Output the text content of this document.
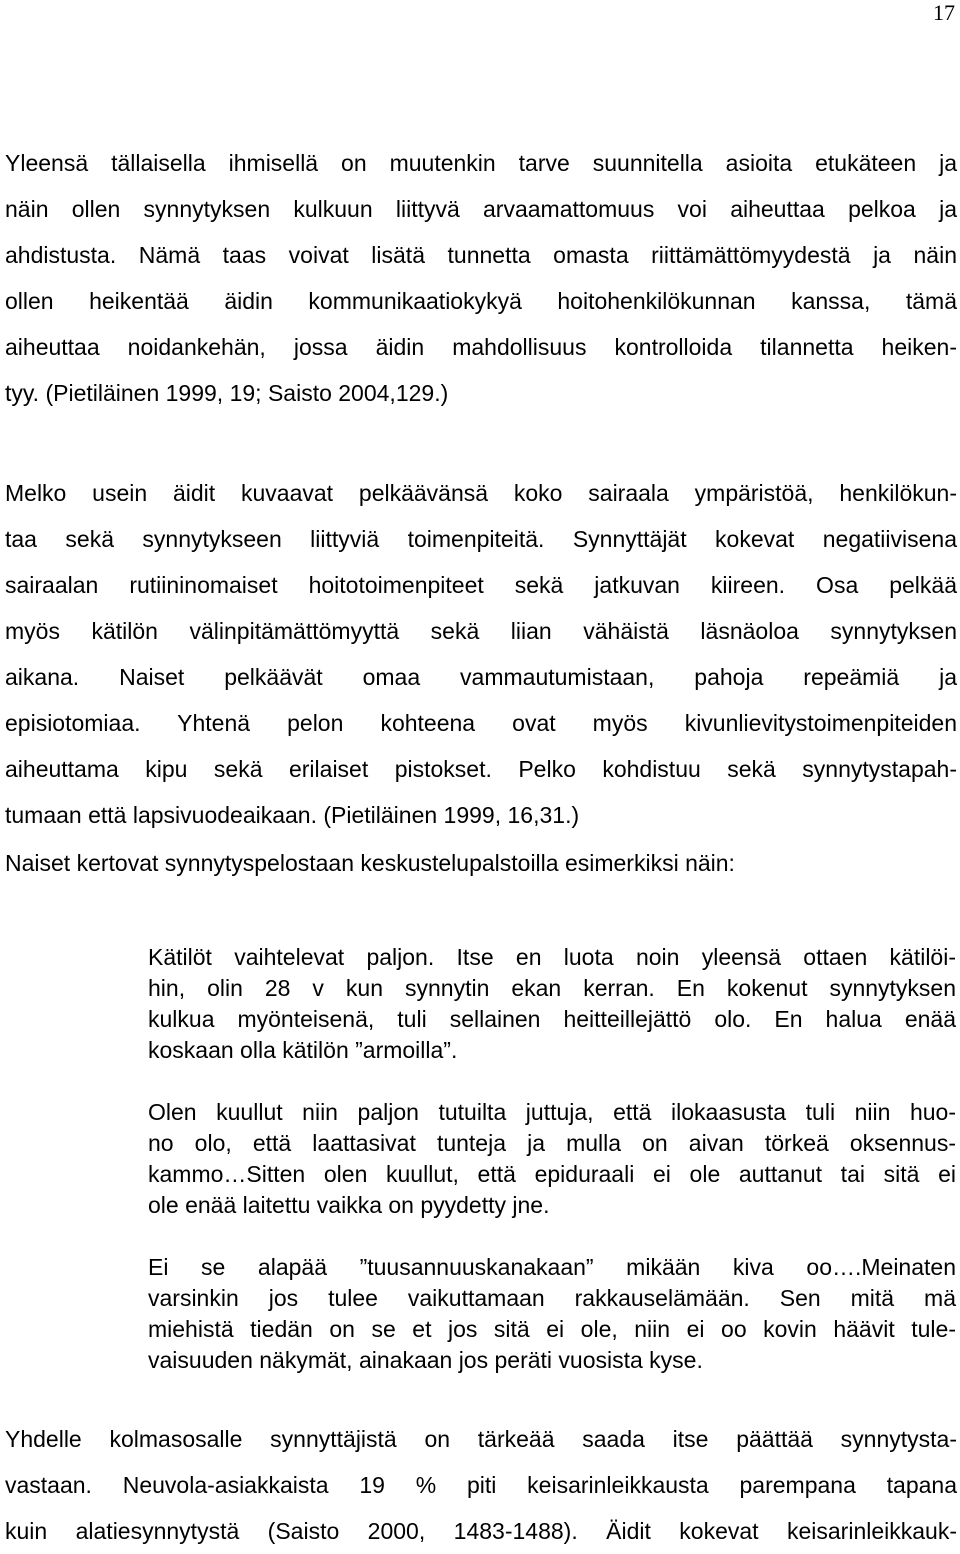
17

Yleensä tällaisella ihmisellä on muutenkin tarve suunnitella asioita etukäteen ja
näin ollen synnytyksen kulkuun liittyvä arvaamattomuus voi aiheuttaa pelkoa ja
ahdistusta. Nämä taas voivat lisätä tunnetta omasta riittämättömyydestä ja näin
ollen heikentää äidin kommunikaatiokykyä hoitohenkilökunnan kanssa, tämä
aiheuttaa noidankehän, jossa äidin mahdollisuus kontrolloida tilannetta heiken-
tyy. (Pietiläinen 1999, 19; Saisto 2004,129.)

Melko usein äidit kuvaavat pelkäävänsä koko sairaala ympäristöä, henkilökun-
taa sekä synnytykseen liittyviä toimenpiteitä. Synnyttäjät kokevat negatiivisena
sairaalan rutiininomaiset hoitotoimenpiteet sekä jatkuvan kiireen. Osa pelkää
myös kätilön välinpitämättömyyttä sekä liian vähäistä läsnäoloa synnytyksen
aikana. Naiset pelkäävät omaa vammautumistaan, pahoja repeämiä ja
episiotomiaa. Yhtenä pelon kohteena ovat myös kivunlievitystoimenpiteiden
aiheuttama kipu sekä erilaiset pistokset. Pelko kohdistuu sekä synnytystapah-
tumaan että lapsivuodeaikaan. (Pietiläinen 1999, 16,31.)

Naiset kertovat synnytyspelostaan keskustelupalstoilla esimerkiksi näin:

Kätilöt vaihtelevat paljon. Itse en luota noin yleensä ottaen kätilöi-
hin, olin 28 v kun synnytin ekan kerran. En kokenut synnytyksen
kulkua myönteisenä, tuli sellainen heitteillejättö olo. En halua enää
koskaan olla kätilön ”armoilla”.

Olen kuullut niin paljon tutuilta juttuja, että ilokaasusta tuli niin huo-
no olo, että laattasivat tunteja ja mulla on aivan törkeä oksennus-
kammo…Sitten olen kuullut, että epiduraali ei ole auttanut tai sitä ei
ole enää laitettu vaikka on pyydetty jne.

Ei se alapää ”tuusannuuskanakaan” mikään kiva oo….Meinaten
varsinkin jos tulee vaikuttamaan rakkauselämään. Sen mitä mä
miehistä tiedän on se et jos sitä ei ole, niin ei oo kovin häävit tule-
vaisuuden näkymät, ainakaan jos peräti vuosista kyse.

Yhdelle kolmasosalle synnyttäjistä on tärkeää saada itse päättää synnytysta-
vastaan. Neuvola-asiakkaista 19 % piti keisarinleikkausta parempana tapana
kuin alatiesynnytystä (Saisto 2000, 1483-1488). Äidit kokevat keisarinleikkauk-
